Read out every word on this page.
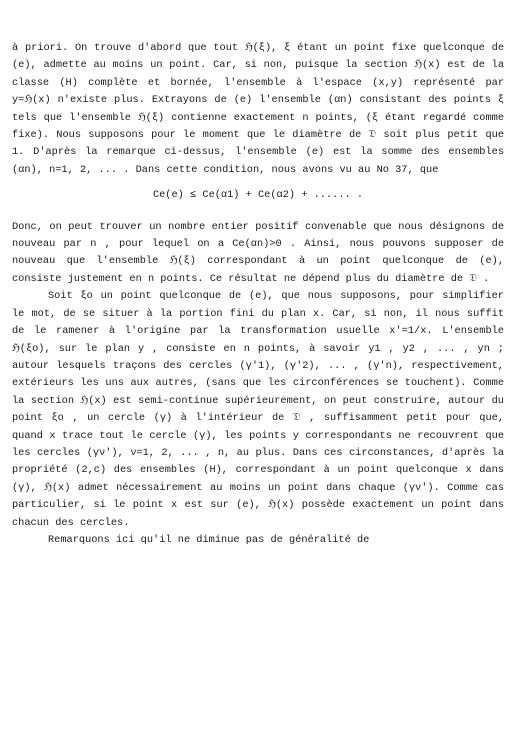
à priori. On trouve d'abord que tout ℌ(ξ), ξ étant un point fixe quelconque de (e), admette au moins un point. Car, si non, puisque la section ℌ(x) est de la classe (H) complète et bornée, l'ensemble à l'espace (x,y) représenté par y=ℌ(x) n'existe plus. Extrayons de (e) l'ensemble (αn) consistant des points ξ tels que l'ensemble ℌ(ξ) contienne exactement n points, (ξ étant regardé comme fixe). Nous supposons pour le moment que le diamètre de 𝔇 soit plus petit que 1. D'après la remarque ci-dessus, l'ensemble (e) est la somme des ensembles (αn), n=1, 2, ... . Dans cette condition, nous avons vu au No 37, que

Ce(e) ≤ Ce(α1) + Ce(α2) + ...... .

Donc, on peut trouver un nombre entier positif convenable que nous désignons de nouveau par n , pour lequel on a Ce(αn)>0 . Ainsi, nous pouvons supposer de nouveau que l'ensemble ℌ(ξ) correspondant à un point quelconque de (e), consiste justement en n points. Ce résultat ne dépend plus du diamètre de 𝔇 .

Soit ξo un point quelconque de (e), que nous supposons, pour simplifier le mot, de se situer à la portion fini du plan x. Car, si non, il nous suffit de le ramener à l'origine par la transformation usuelle x'=1/x. L'ensemble ℌ(ξo), sur le plan y , consiste en n points, à savoir y1 , y2 , ... , yn ; autour lesquels traçons des cercles (γ'1), (γ'2), ... , (γ'n), respectivement, extérieurs les uns aux autres, (sans que les circonférences se touchent). Comme la section ℌ(x) est semi-continue supérieurement, on peut construire, autour du point ξo , un cercle (γ) à l'intérieur de 𝔇 , suffisamment petit pour que, quand x trace tout le cercle (γ), les points y correspondants ne recouvrent que les cercles (γν'), ν=1, 2, ... , n, au plus. Dans ces circonstances, d'après la propriété (2,c) des ensembles (H), correspondant à un point quelconque x dans (γ), ℌ(x) admet nécessairement au moins un point dans chaque (γν'). Comme cas particulier, si le point x est sur (e), ℌ(x) possède exactement un point dans chacun des cercles.

Remarquons ici qu'il ne diminue pas de généralité de
